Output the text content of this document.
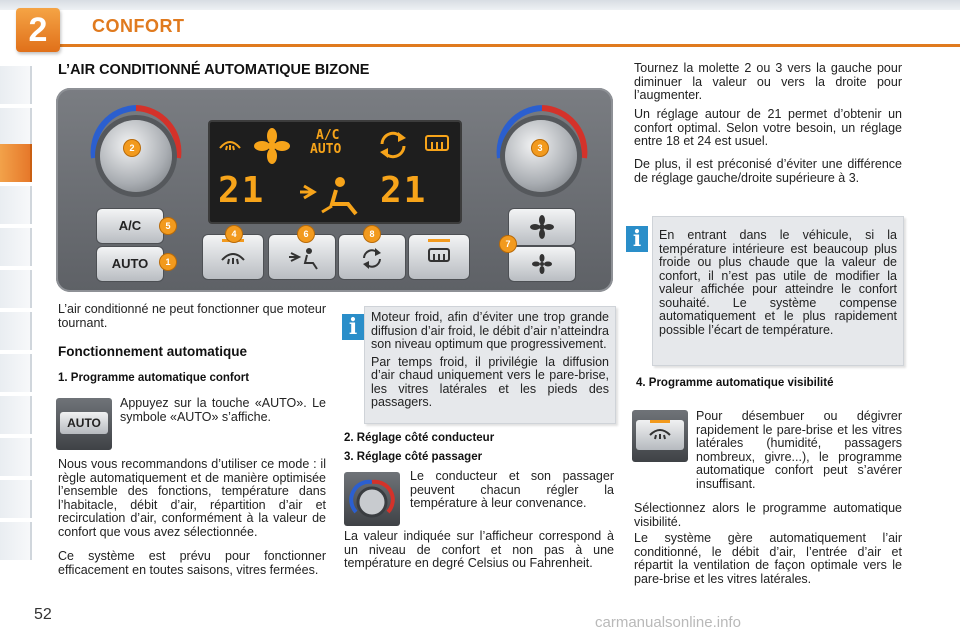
2	CONFORT
L’AIR CONDITIONNÉ AUTOMATIQUE BIZONE
A/C
AUTO
21	21
A/C
AUTO
2	3
1
5
4	6	8
7
L’air conditionné ne peut fonctionner que moteur tournant.
Fonctionnement automatique
1. Programme automatique confort
AUTO
Appuyez sur la touche «AUTO». Le symbole «AUTO» s’affiche.
Nous vous recommandons d’utiliser ce mode : il règle automatiquement et de manière optimisée l’ensemble des fonctions, température dans l’habitacle, débit d’air, répartition d’air et recirculation d’air, conformément à la valeur de confort que vous avez sélectionnée.
Ce système est prévu pour fonctionner efficacement en toutes saisons, vitres fermées.
i	Moteur froid, afin d’éviter une trop grande diffusion d’air froid, le débit d’air n’atteindra son niveau optimum que progressivement.
Par temps froid, il privilégie la diffusion d’air chaud uniquement vers le pare-brise, les vitres latérales et les pieds des passagers.
2. Réglage côté conducteur
3. Réglage côté passager
Le conducteur et son passager peuvent chacun régler la température à leur convenance.
La valeur indiquée sur l’afficheur correspond à un niveau de confort et non pas à une température en degré Celsius ou Fahrenheit.
Tournez la molette 2 ou 3 vers la gauche pour diminuer la valeur ou vers la droite pour l’augmenter.
Un réglage autour de 21 permet d’obtenir un confort optimal. Selon votre besoin, un réglage entre 18 et 24 est usuel.
De plus, il est préconisé d’éviter une différence de réglage gauche/droite supérieure à 3.
i	En entrant dans le véhicule, si la température intérieure est beaucoup plus froide ou plus chaude que la valeur de confort, il n’est pas utile de modifier la valeur affichée pour atteindre le confort souhaité. Le système compense automatiquement et le plus rapidement possible l’écart de température.
4. Programme automatique visibilité
Pour désembuer ou dégivrer rapidement le pare-brise et les vitres latérales (humidité, passagers nombreux, givre...), le programme automatique confort peut s’avérer insuffisant.
Sélectionnez alors le programme automatique visibilité.
Le système gère automatiquement l’air conditionné, le débit d’air, l’entrée d’air et répartit la ventilation de façon optimale vers le pare-brise et les vitres latérales.
52	carmanualsonline.info
